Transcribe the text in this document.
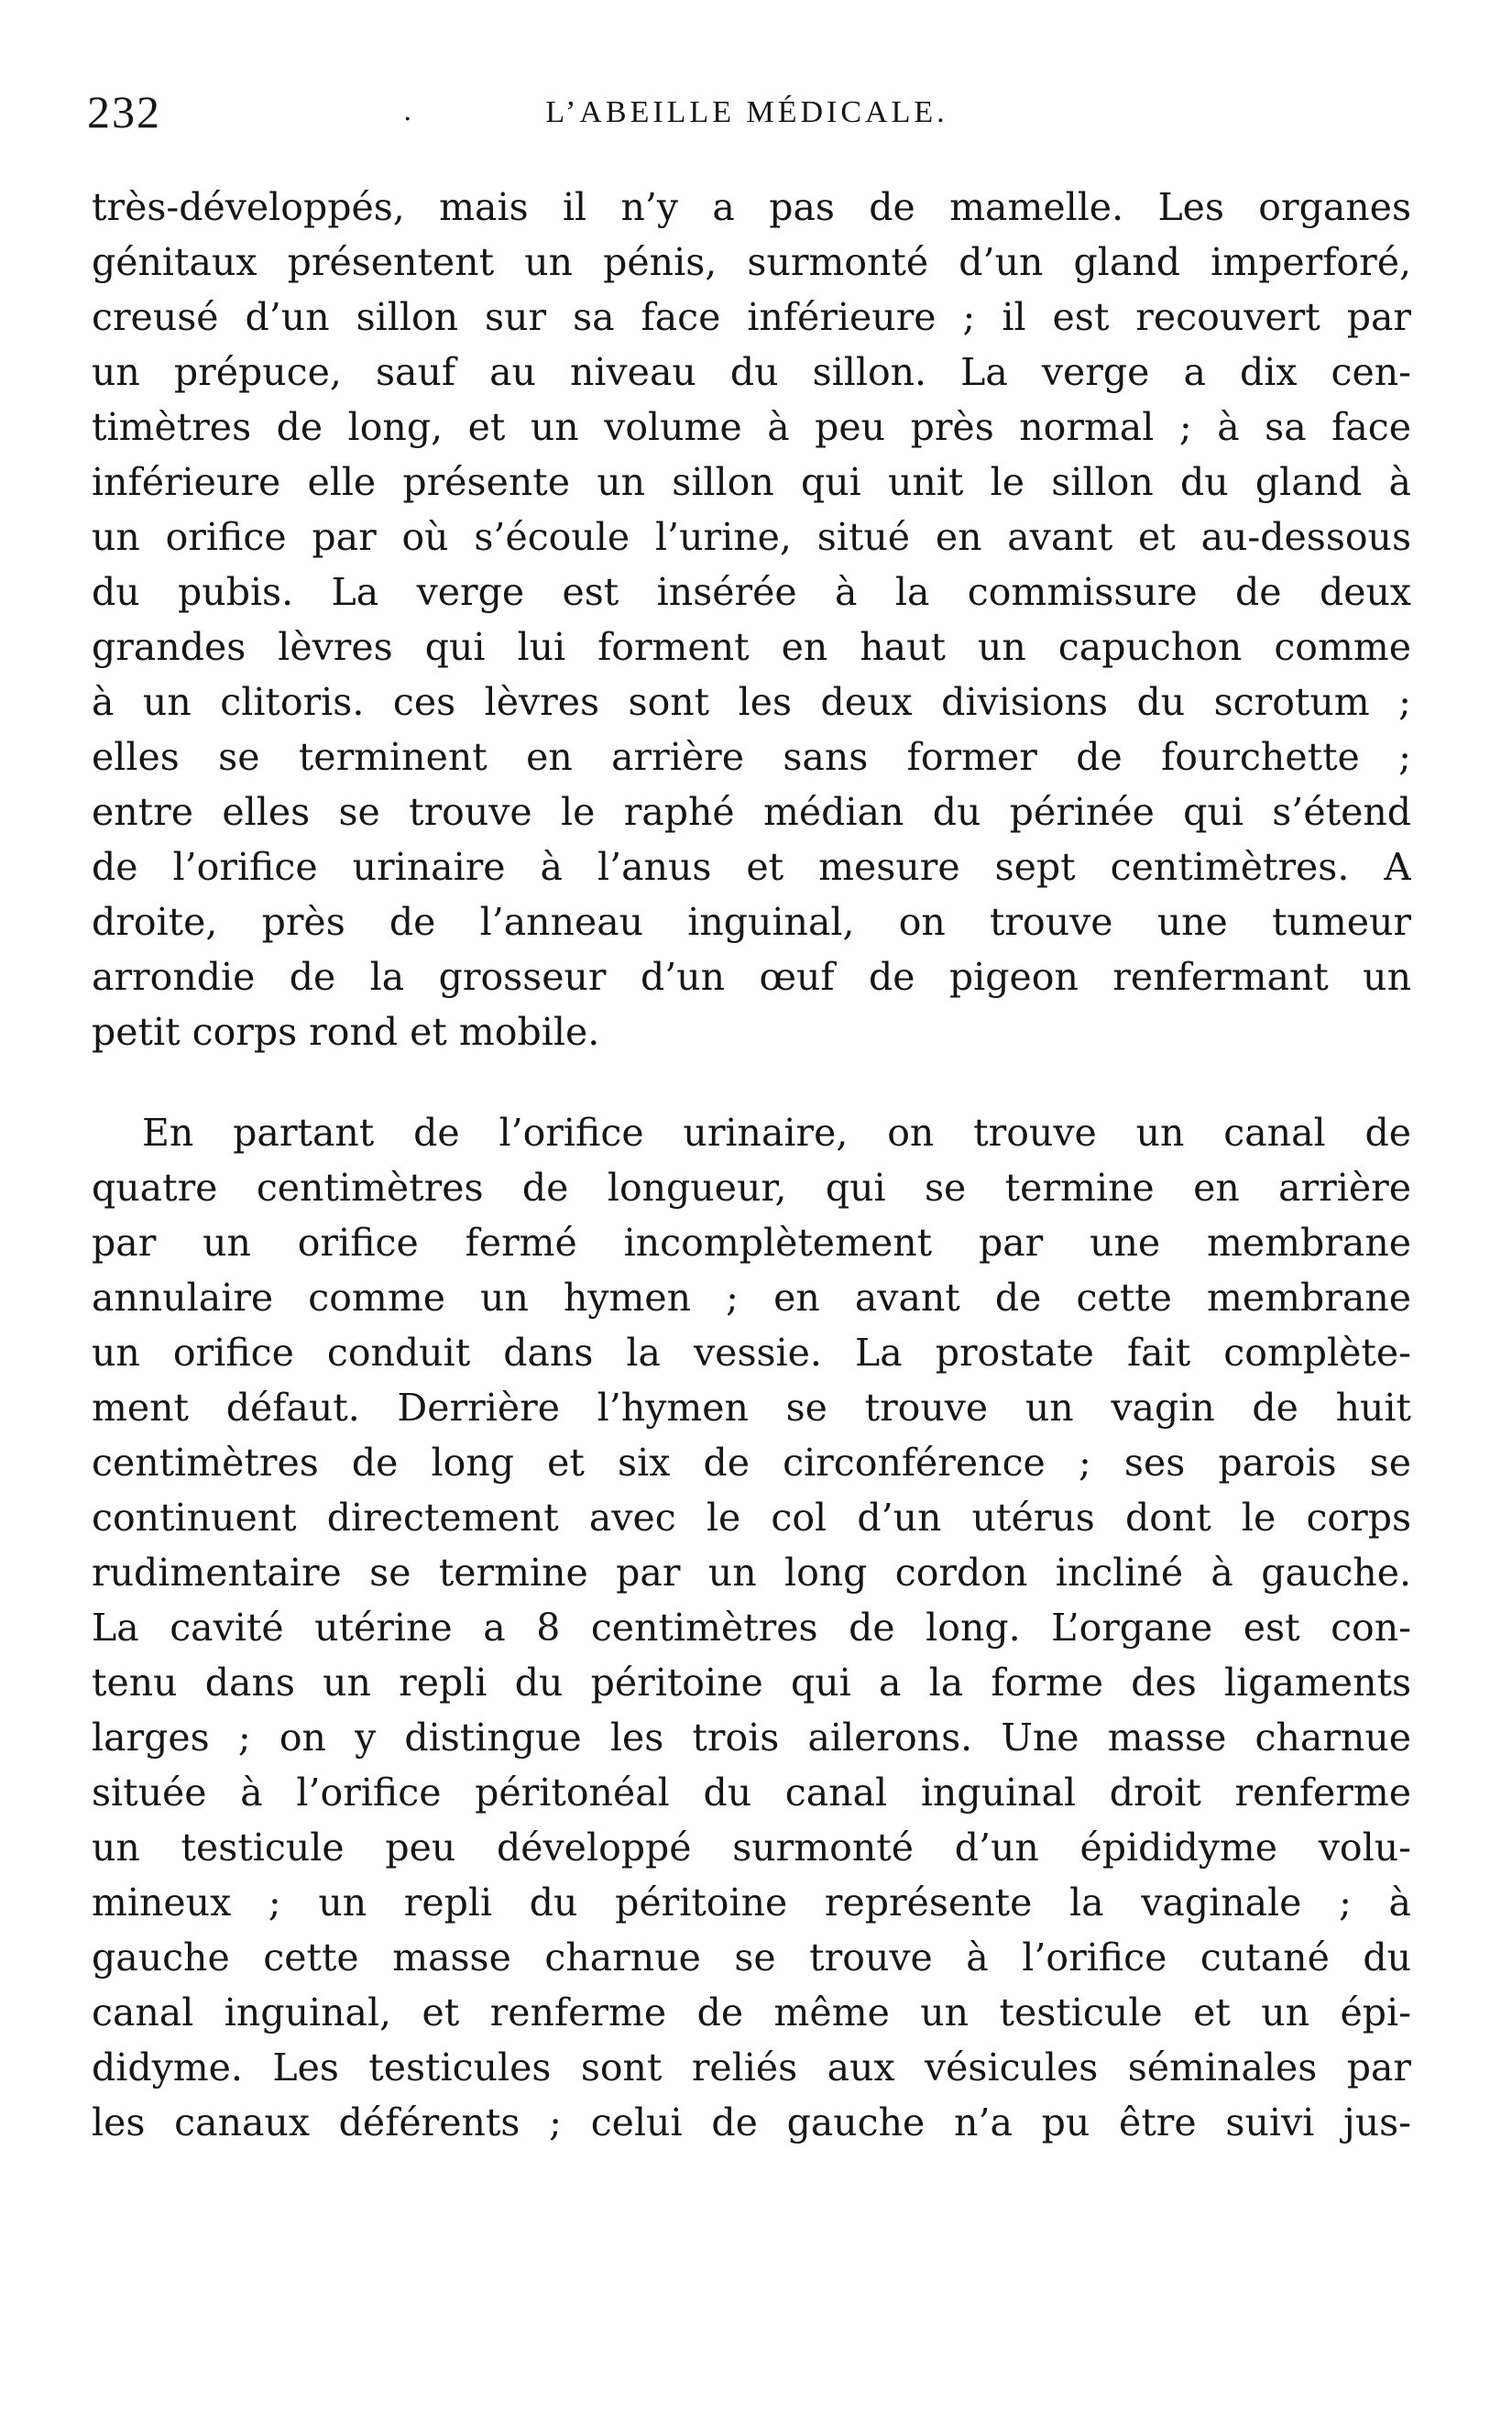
232	.	L’ABEILLE MÉDICALE.
très-développés, mais il n’y a pas de mamelle. Les organes
génitaux présentent un pénis, surmonté d’un gland imperforé,
creusé d’un sillon sur sa face inférieure ; il est recouvert par
un prépuce, sauf au niveau du sillon. La verge a dix cen-
timètres de long, et un volume à peu près normal ; à sa face
inférieure elle présente un sillon qui unit le sillon du gland à
un orifice par où s’écoule l’urine, situé en avant et au-dessous
du pubis. La verge est insérée à la commissure de deux
grandes lèvres qui lui forment en haut un capuchon comme
à un clitoris. ces lèvres sont les deux divisions du scrotum ;
elles se terminent en arrière sans former de fourchette ;
entre elles se trouve le raphé médian du périnée qui s’étend
de l’orifice urinaire à l’anus et mesure sept centimètres. A
droite, près de l’anneau inguinal, on trouve une tumeur
arrondie de la grosseur d’un œuf de pigeon renfermant un
petit corps rond et mobile.
En partant de l’orifice urinaire, on trouve un canal de
quatre centimètres de longueur, qui se termine en arrière
par un orifice fermé incomplètement par une membrane
annulaire comme un hymen ; en avant de cette membrane
un orifice conduit dans la vessie. La prostate fait complète-
ment défaut. Derrière l’hymen se trouve un vagin de huit
centimètres de long et six de circonférence ; ses parois se
continuent directement avec le col d’un utérus dont le corps
rudimentaire se termine par un long cordon incliné à gauche.
La cavité utérine a 8 centimètres de long. L’organe est con-
tenu dans un repli du péritoine qui a la forme des ligaments
larges ; on y distingue les trois ailerons. Une masse charnue
située à l’orifice péritonéal du canal inguinal droit renferme
un testicule peu développé surmonté d’un épididyme volu-
mineux ; un repli du péritoine représente la vaginale ; à
gauche cette masse charnue se trouve à l’orifice cutané du
canal inguinal, et renferme de même un testicule et un épi-
didyme. Les testicules sont reliés aux vésicules séminales par
les canaux déférents ; celui de gauche n’a pu être suivi jus-
